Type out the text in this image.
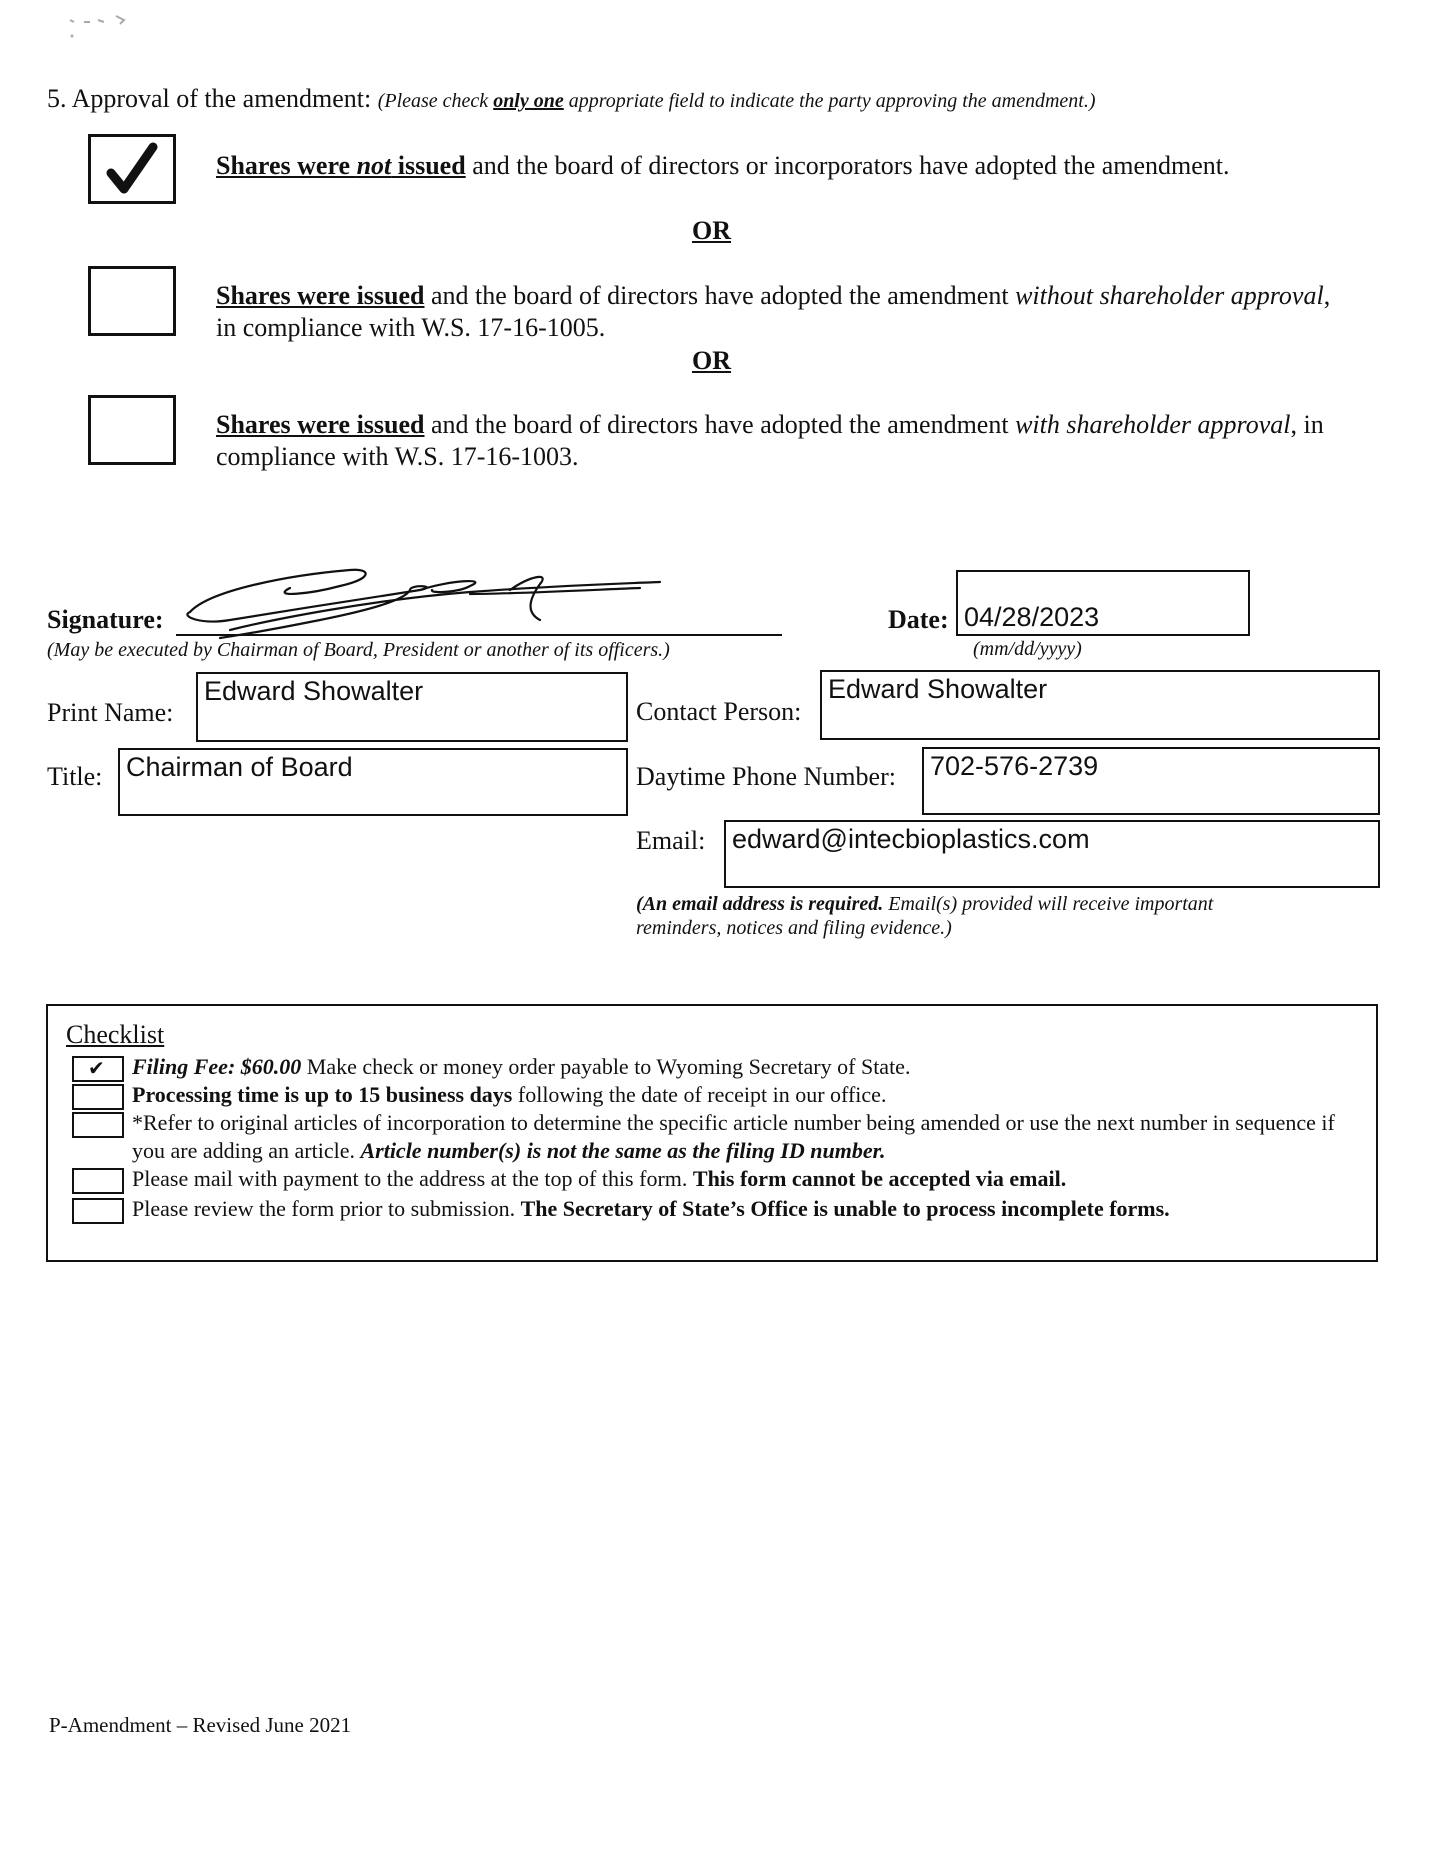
5. Approval of the amendment: (Please check only one appropriate field to indicate the party approving the amendment.)
Shares were not issued and the board of directors or incorporators have adopted the amendment.
OR
Shares were issued and the board of directors have adopted the amendment without shareholder approval, in compliance with W.S. 17-16-1005.
OR
Shares were issued and the board of directors have adopted the amendment with shareholder approval, in compliance with W.S. 17-16-1003.
Signature:
(May be executed by Chairman of Board, President or another of its officers.)
Date: 04/28/2023
(mm/dd/yyyy)
Print Name:
Edward Showalter
Title: Chairman of Board
Contact Person:
Edward Showalter
Daytime Phone Number: 702-576-2739
Email: edward@intecbioplastics.com
(An email address is required. Email(s) provided will receive important
reminders, notices and filing evidence.)
Checklist
✔ Filing Fee: $60.00 Make check or money order payable to Wyoming Secretary of State.
Processing time is up to 15 business days following the date of receipt in our office.
*Refer to original articles of incorporation to determine the specific article number being amended or use the next number in sequence if you are adding an article. Article number(s) is not the same as the filing ID number.
Please mail with payment to the address at the top of this form. This form cannot be accepted via email.
Please review the form prior to submission. The Secretary of State’s Office is unable to process incomplete forms.
P-Amendment – Revised June 2021
